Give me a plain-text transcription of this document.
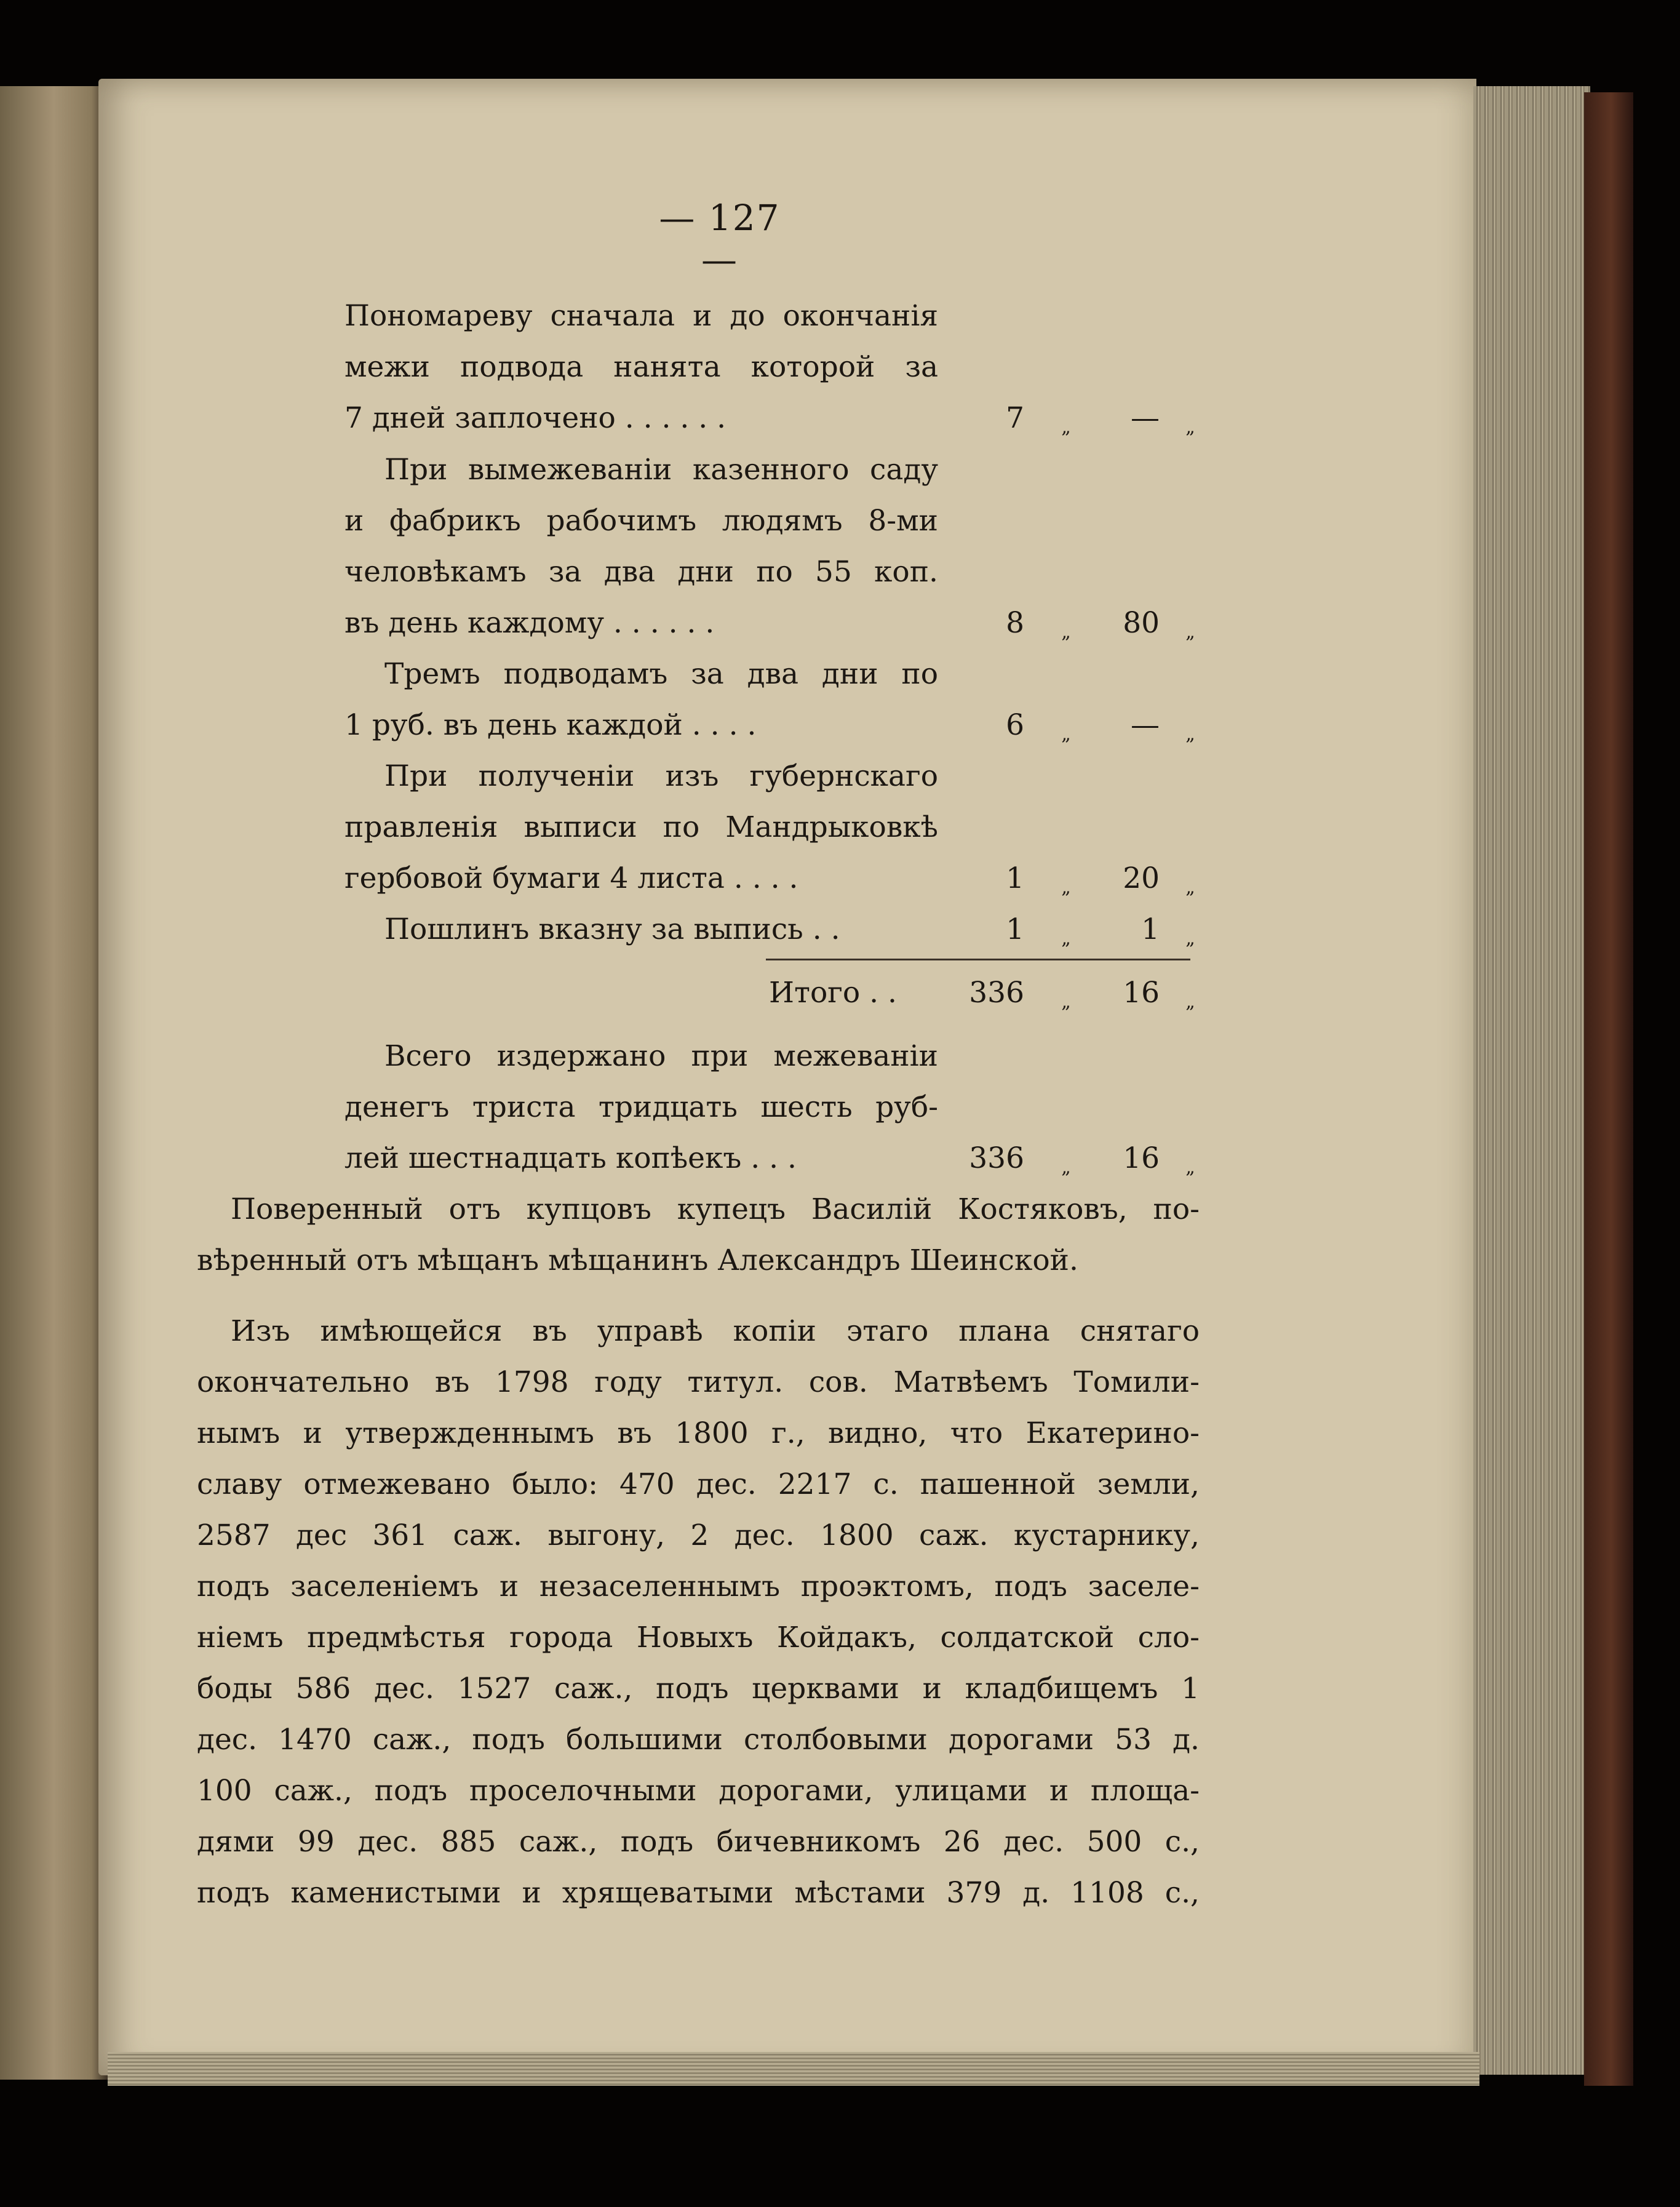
— 127 —
Пономареву сначала и до окончанія
межи подвода нанята которой за
7 дней заплочено . . . . . .	7	„	—	„
При вымежеванiи казенного саду
и фабрикъ рабочимъ людямъ 8-ми
человѣкамъ за два дни по 55 коп.
въ день каждому . . . . . .	8	„	80	„
Тремъ подводамъ за два дни по
1 руб. въ день каждой . . . .	6	„	—	„
При полученiи изъ губернскаго
правленія выписи по Мандрыковкѣ
гербовой бумаги 4 листа . . . .	1	„	20	„
Пошлинъ вказну за выпись . .	1	„	1	„
Итого . .	336	„	16	„
Всего издержано при межеванiи
денегъ триста тридцать шесть руб-
лей шестнадцать копѣекъ . . .	336	„	16	„
Поверенный отъ купцовъ купецъ Василiй Костяковъ, по-
вѣренный отъ мѣщанъ мѣщанинъ Александръ Шеинской.
Изъ имѣющейся въ управѣ копiи этаго плана снятаго
окончательно въ 1798 году титул. сов. Матвѣемъ Томили-
нымъ и утвержденнымъ въ 1800 г., видно, что Екатерино-
славу отмежевано было: 470 дес. 2217 с. пашенной земли,
2587 дес 361 саж. выгону, 2 дес. 1800 саж. кустарнику,
подъ заселенiемъ и незаселеннымъ проэктомъ, подъ заселе-
нiемъ предмѣстья города Новыхъ Койдакъ, солдатской сло-
боды 586 дес. 1527 саж., подъ церквами и кладбищемъ 1
дес. 1470 саж., подъ большими столбовыми дорогами 53 д.
100 саж., подъ проселочными дорогами, улицами и площа-
дями 99 дес. 885 саж., подъ бичевникомъ 26 дес. 500 с.,
подъ каменистыми и хрящеватыми мѣстами 379 д. 1108 с.,
